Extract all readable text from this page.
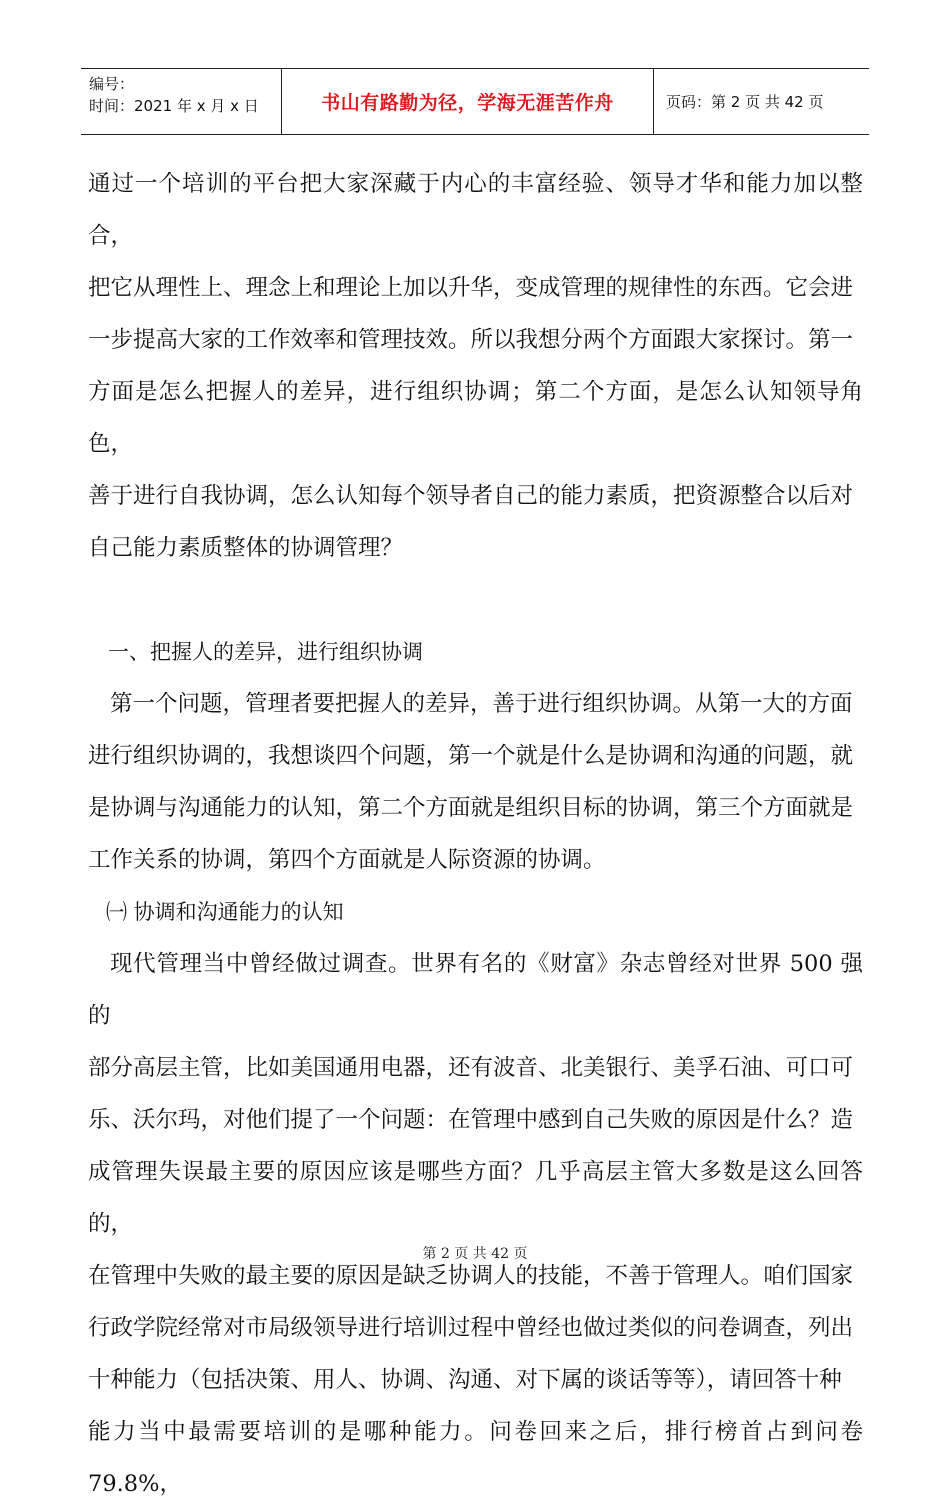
编号：
时间：2021 年 x 月 x 日	书山有路勤为径，学海无涯苦作舟	页码：第 2 页 共 42 页

通过一个培训的平台把大家深藏于内心的丰富经验、领导才华和能力加以整合，

把它从理性上、理念上和理论上加以升华，变成管理的规律性的东西。它会进

一步提高大家的工作效率和管理技效。所以我想分两个方面跟大家探讨。第一

方面是怎么把握人的差异，进行组织协调；第二个方面，是怎么认知领导角色，

善于进行自我协调，怎么认知每个领导者自己的能力素质，把资源整合以后对

自己能力素质整体的协调管理？

一、把握人的差异，进行组织协调

第一个问题，管理者要把握人的差异，善于进行组织协调。从第一大的方面

进行组织协调的，我想谈四个问题，第一个就是什么是协调和沟通的问题，就

是协调与沟通能力的认知，第二个方面就是组织目标的协调，第三个方面就是

工作关系的协调，第四个方面就是人际资源的协调。

㈠ 协调和沟通能力的认知

现代管理当中曾经做过调查。世界有名的《财富》杂志曾经对世界 500 强的

部分高层主管，比如美国通用电器，还有波音、北美银行、美孚石油、可口可

乐、沃尔玛，对他们提了一个问题：在管理中感到自己失败的原因是什么？造

成管理失误最主要的原因应该是哪些方面？几乎高层主管大多数是这么回答的，

在管理中失败的最主要的原因是缺乏协调人的技能，不善于管理人。咱们国家

行政学院经常对市局级领导进行培训过程中曾经也做过类似的问卷调查，列出

十种能力（包括决策、用人、协调、沟通、对下属的谈话等等），请回答十种

能力当中最需要培训的是哪种能力。问卷回来之后，排行榜首占到问卷 79.8%，

第 2 页 共 42 页
